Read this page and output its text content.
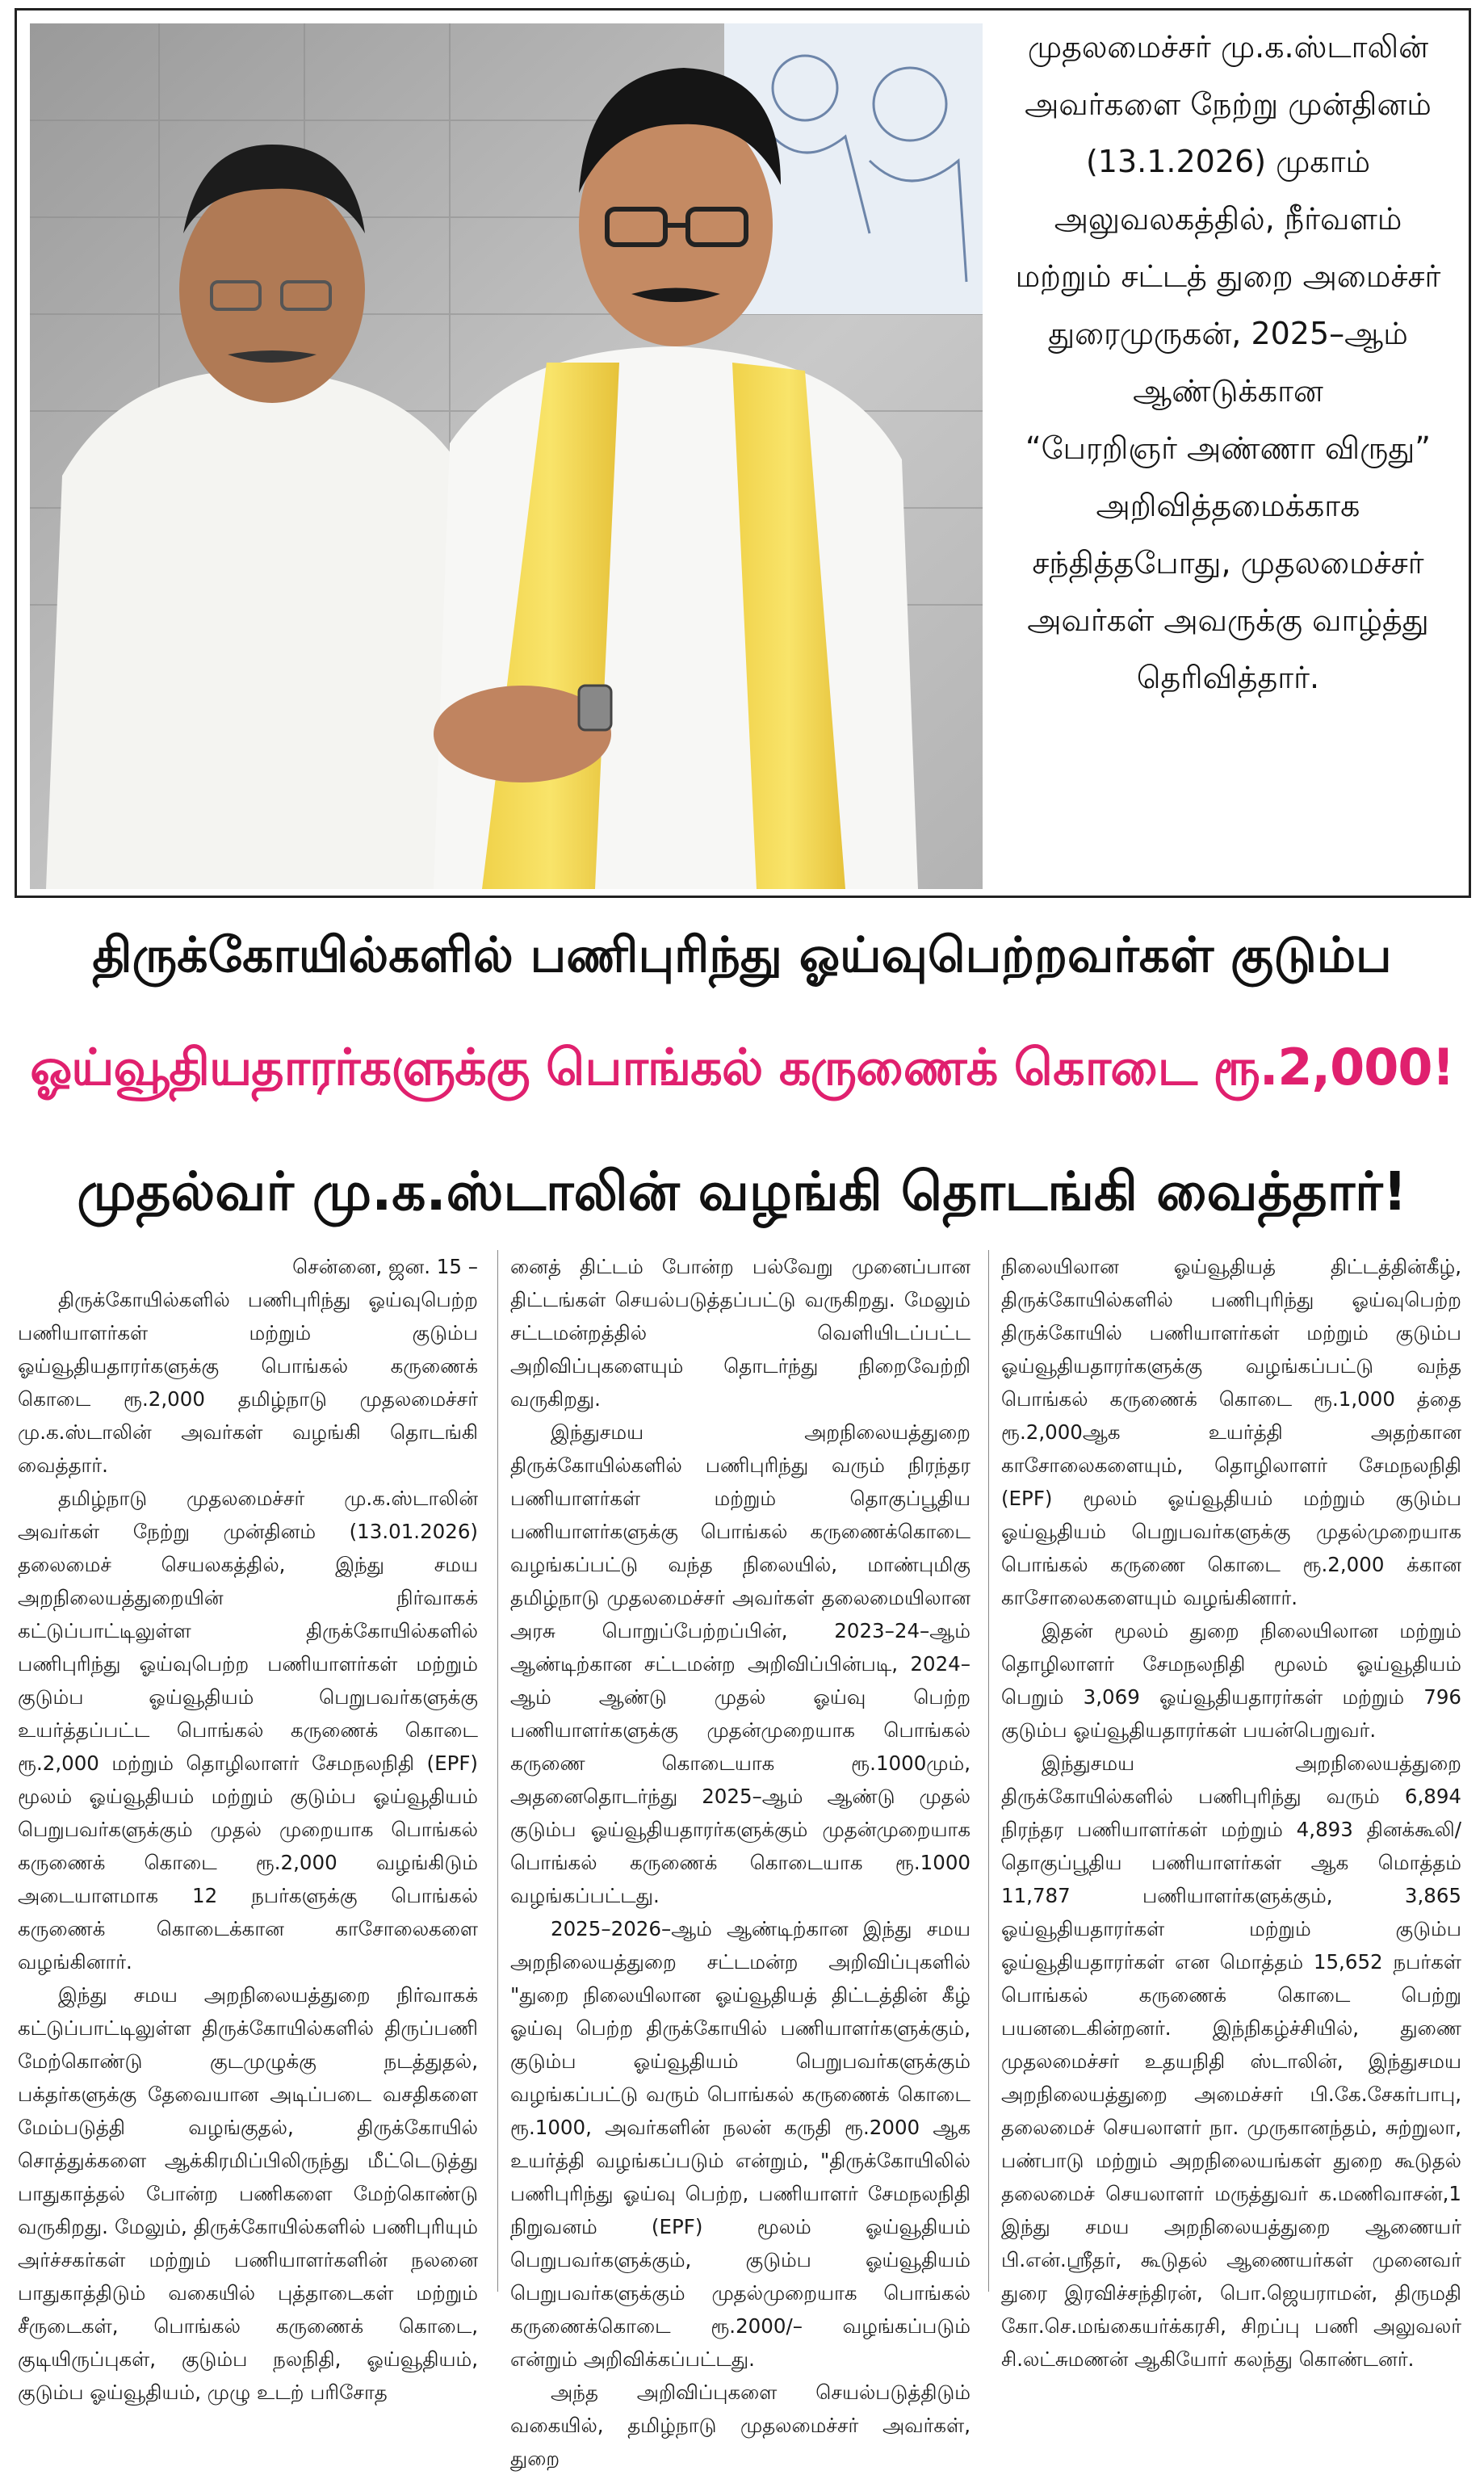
முதலமைச்சர் மு.க.ஸ்டாலின்

அவர்களை நேற்று முன்தினம்

(13.1.2026) முகாம்

அலுவலகத்தில், நீர்வளம்

மற்றும் சட்டத் துறை அமைச்சர்

துரைமுருகன், 2025–ஆம்

ஆண்டுக்கான

“பேரறிஞர் அண்ணா விருது”

அறிவித்தமைக்காக

சந்தித்தபோது, முதலமைச்சர்

அவர்கள் அவருக்கு வாழ்த்து

தெரிவித்தார்.

திருக்கோயில்களில் பணிபுரிந்து ஓய்வுபெற்றவர்கள் குடும்ப
ஓய்வூதியதாரர்களுக்கு பொங்கல் கருணைக் கொடை ரூ.2,000!
முதல்வர் மு.க.ஸ்டாலின் வழங்கி தொடங்கி வைத்தார்!

சென்னை, ஜன. 15 –

திருக்கோயில்களில் பணிபுரிந்து ஓய்வுபெற்ற பணியாளர்கள் மற்றும் குடும்ப ஓய்வூதியதாரர்களுக்கு பொங்கல் கருணைக் கொடை ரூ.2,000 தமிழ்நாடு முதலமைச்சர் மு.க.ஸ்டாலின் அவர்கள் வழங்கி தொடங்கி வைத்தார்.

தமிழ்நாடு முதலமைச்சர் மு.க.ஸ்டாலின் அவர்கள் நேற்று முன்தினம் (13.01.2026) தலைமைச் செயலகத்தில், இந்து சமய அறநிலையத்துறையின் நிர்வாகக் கட்டுப்பாட்டிலுள்ள திருக்கோயில்களில் பணிபுரிந்து ஓய்வுபெற்ற பணியாளர்கள் மற்றும் குடும்ப ஓய்வூதியம் பெறுபவர்களுக்கு உயர்த்தப்பட்ட பொங்கல் கருணைக் கொடை ரூ.2,000 மற்றும் தொழிலாளர் சேமநலநிதி (EPF) மூலம் ஓய்வூதியம் மற்றும் குடும்ப ஓய்வூதியம் பெறுபவர்களுக்கும் முதல் முறையாக பொங்கல் கருணைக் கொடை ரூ.2,000 வழங்கிடும் அடையாளமாக 12 நபர்களுக்கு பொங்கல் கருணைக் கொடைக்கான காசோலைகளை வழங்கினார்.

இந்து சமய அறநிலையத்துறை நிர்வாகக் கட்டுப்பாட்டிலுள்ள திருக்கோயில்களில் திருப்பணி மேற்கொண்டு குடமுழுக்கு நடத்துதல், பக்தர்களுக்கு தேவையான அடிப்படை வசதிகளை மேம்படுத்தி வழங்குதல், திருக்கோயில் சொத்துக்களை ஆக்கிரமிப்பிலிருந்து மீட்டெடுத்து பாதுகாத்தல் போன்ற பணிகளை மேற்கொண்டு வருகிறது. மேலும், திருக்கோயில்களில் பணிபுரியும் அர்ச்சகர்கள் மற்றும் பணியாளர்களின் நலனை பாதுகாத்திடும் வகையில் புத்தாடைகள் மற்றும் சீருடைகள், பொங்கல் கருணைக் கொடை, குடியிருப்புகள், குடும்ப நலநிதி, ஓய்வூதியம், குடும்ப ஓய்வூதியம், முழு உடற் பரிசோத

னைத் திட்டம் போன்ற பல்வேறு முனைப்பான திட்டங்கள் செயல்படுத்தப்பட்டு வருகிறது. மேலும் சட்டமன்றத்தில் வெளியிடப்பட்ட அறிவிப்புகளையும் தொடர்ந்து நிறைவேற்றி வருகிறது.

இந்துசமய அறநிலையத்துறை திருக்கோயில்களில் பணிபுரிந்து வரும் நிரந்தர பணியாளர்கள் மற்றும் தொகுப்பூதிய பணியாளர்களுக்கு பொங்கல் கருணைக்கொடை வழங்கப்பட்டு வந்த நிலையில், மாண்புமிகு தமிழ்நாடு முதலமைச்சர் அவர்கள் தலைமையிலான அரசு பொறுப்பேற்றப்பின், 2023–24–ஆம் ஆண்டிற்கான சட்டமன்ற அறிவிப்பின்படி, 2024–ஆம் ஆண்டு முதல் ஓய்வு பெற்ற பணியாளர்களுக்கு முதன்முறையாக பொங்கல் கருணை கொடையாக ரூ.1000மும், அதனைதொடர்ந்து 2025–ஆம் ஆண்டு முதல் குடும்ப ஓய்வூதியதாரர்களுக்கும் முதன்முறையாக பொங்கல் கருணைக் கொடையாக ரூ.1000 வழங்கப்பட்டது.

2025–2026–ஆம் ஆண்டிற்கான இந்து சமய அறநிலையத்துறை சட்டமன்ற அறிவிப்புகளில் "துறை நிலையிலான ஓய்வூதியத் திட்டத்தின் கீழ் ஓய்வு பெற்ற திருக்கோயில் பணியாளர்களுக்கும், குடும்ப ஓய்வூதியம் பெறுபவர்களுக்கும் வழங்கப்பட்டு வரும் பொங்கல் கருணைக் கொடை ரூ.1000, அவர்களின் நலன் கருதி ரூ.2000 ஆக உயர்த்தி வழங்கப்படும் என்றும், "திருக்கோயிலில் பணிபுரிந்து ஓய்வு பெற்ற, பணியாளர் சேமநலநிதி நிறுவனம் (EPF) மூலம் ஓய்வூதியம் பெறுபவர்களுக்கும், குடும்ப ஓய்வூதியம் பெறுபவர்களுக்கும் முதல்முறையாக பொங்கல் கருணைக்கொடை ரூ.2000/– வழங்கப்படும் என்றும் அறிவிக்கப்பட்டது.

அந்த அறிவிப்புகளை செயல்படுத்திடும் வகையில், தமிழ்நாடு முதலமைச்சர் அவர்கள், துறை

நிலையிலான ஓய்வூதியத் திட்டத்தின்கீழ், திருக்கோயில்களில் பணிபுரிந்து ஓய்வுபெற்ற திருக்கோயில் பணியாளர்கள் மற்றும் குடும்ப ஓய்வூதியதாரர்களுக்கு வழங்கப்பட்டு வந்த பொங்கல் கருணைக் கொடை ரூ.1,000 த்தை ரூ.2,000ஆக உயர்த்தி அதற்கான காசோலைகளையும், தொழிலாளர் சேமநலநிதி (EPF) மூலம் ஓய்வூதியம் மற்றும் குடும்ப ஓய்வூதியம் பெறுபவர்களுக்கு முதல்முறையாக பொங்கல் கருணை கொடை ரூ.2,000 க்கான காசோலைகளையும் வழங்கினார்.

இதன் மூலம் துறை நிலையிலான மற்றும் தொழிலாளர் சேமநலநிதி மூலம் ஓய்வூதியம் பெறும் 3,069 ஓய்வூதியதாரர்கள் மற்றும் 796 குடும்ப ஓய்வூதியதாரர்கள் பயன்பெறுவர்.

இந்துசமய அறநிலையத்துறை திருக்கோயில்களில் பணிபுரிந்து வரும் 6,894 நிரந்தர பணியாளர்கள் மற்றும் 4,893 தினக்கூலி/தொகுப்பூதிய பணியாளர்கள் ஆக மொத்தம் 11,787 பணியாளர்களுக்கும், 3,865 ஓய்வூதியதாரர்கள் மற்றும் குடும்ப ஓய்வூதியதாரர்கள் என மொத்தம் 15,652 நபர்கள் பொங்கல் கருணைக் கொடை பெற்று பயனடைகின்றனர். இந்நிகழ்ச்சியில், துணை முதலமைச்சர் உதயநிதி ஸ்டாலின், இந்துசமய அறநிலையத்துறை அமைச்சர் பி.கே.சேகர்பாபு, தலைமைச் செயலாளர் நா. முருகானந்தம், சுற்றுலா, பண்பாடு மற்றும் அறநிலையங்கள் துறை கூடுதல் தலைமைச் செயலாளர் மருத்துவர் க.மணிவாசன்,1 இந்து சமய அறநிலையத்துறை ஆணையர் பி.என்.ஸ்ரீதர், கூடுதல் ஆணையர்கள் முனைவர் துரை இரவிச்சந்திரன், பொ.ஜெயராமன், திருமதி கோ.செ.மங்கையர்க்கரசி, சிறப்பு பணி அலுவலர் சி.லட்சுமணன் ஆகியோர் கலந்து கொண்டனர்.
